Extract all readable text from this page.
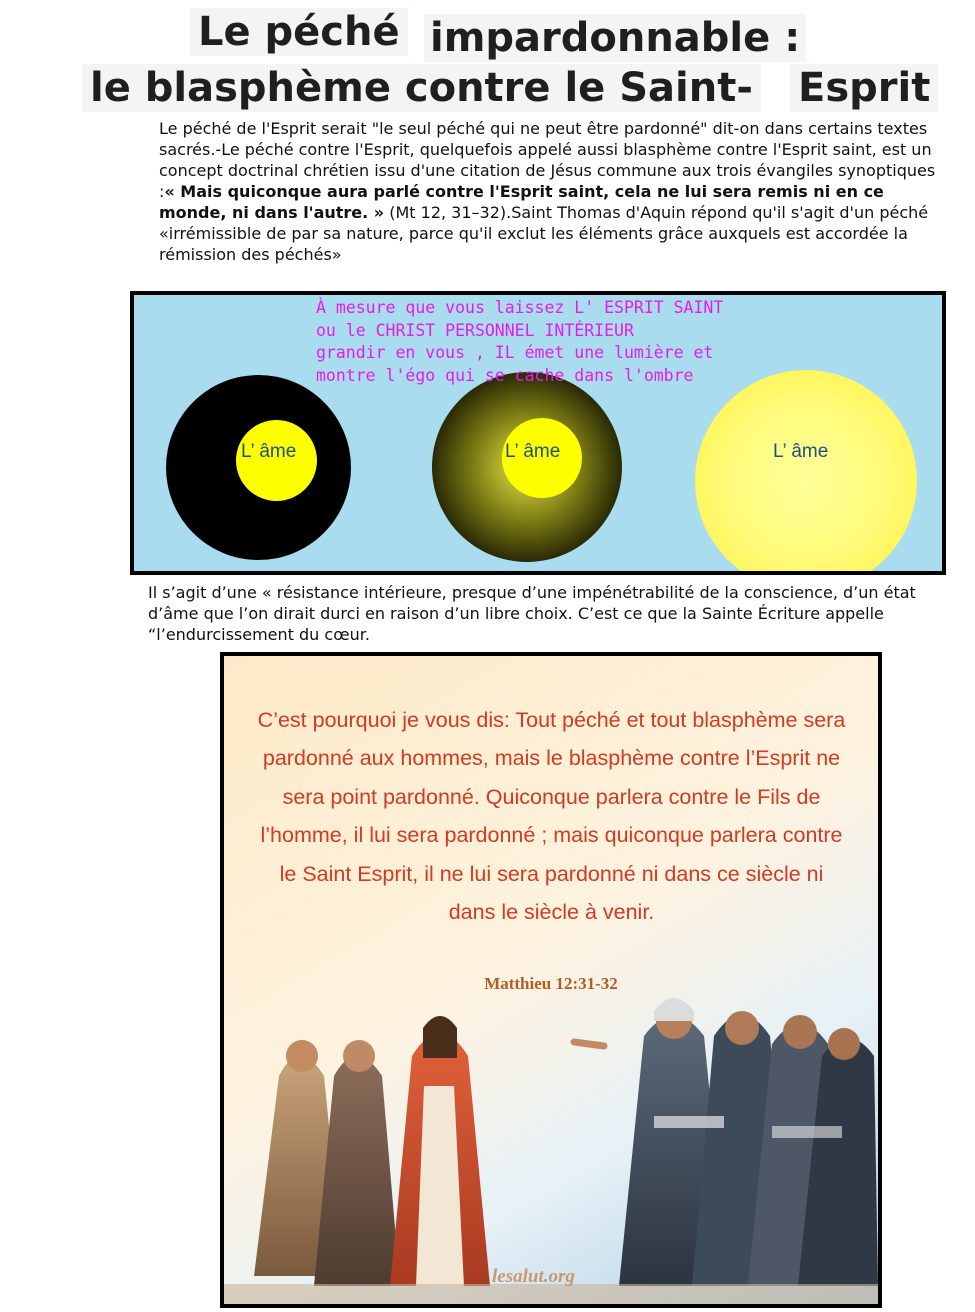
Le péché impardonnable :
le blasphème contre le Saint- Esprit
Le péché de l'Esprit serait "le seul péché qui ne peut être pardonné" dit-on dans certains textes sacrés.-Le péché contre l'Esprit, quelquefois appelé aussi blasphème contre l'Esprit saint, est un concept doctrinal chrétien issu d'une citation de Jésus commune aux trois évangiles synoptiques :« Mais quiconque aura parlé contre l'Esprit saint, cela ne lui sera remis ni en ce monde, ni dans l'autre. » (Mt 12, 31–32).Saint Thomas d'Aquin répond qu'il s'agit d'un péché «irrémissible de par sa nature, parce qu'il exclut les éléments grâce auxquels est accordée la rémission des péchés»
L’ âme	L’ âme	L’ âme
À mesure que vous laissez L' ESPRIT SAINT
ou le CHRIST PERSONNEL INTÉRIEUR
grandir en vous , IL émet une lumière et
montre l'égo qui se cache dans l'ombre
Il s’agit d’une « résistance intérieure, presque d’une impénétrabilité de la conscience, d’un état d’âme que l’on dirait durci en raison d’un libre choix. C’est ce que la Sainte Écriture appelle “l’endurcissement du cœur.
C’est pourquoi je vous dis: Tout péché et tout blasphème sera pardonné aux hommes, mais le blasphème contre l’Esprit ne sera point pardonné. Quiconque parlera contre le Fils de l’homme, il lui sera pardonné ; mais quiconque parlera contre le Saint Esprit, il ne lui sera pardonné ni dans ce siècle ni dans le siècle à venir.
Matthieu 12:31-32
lesalut.org
